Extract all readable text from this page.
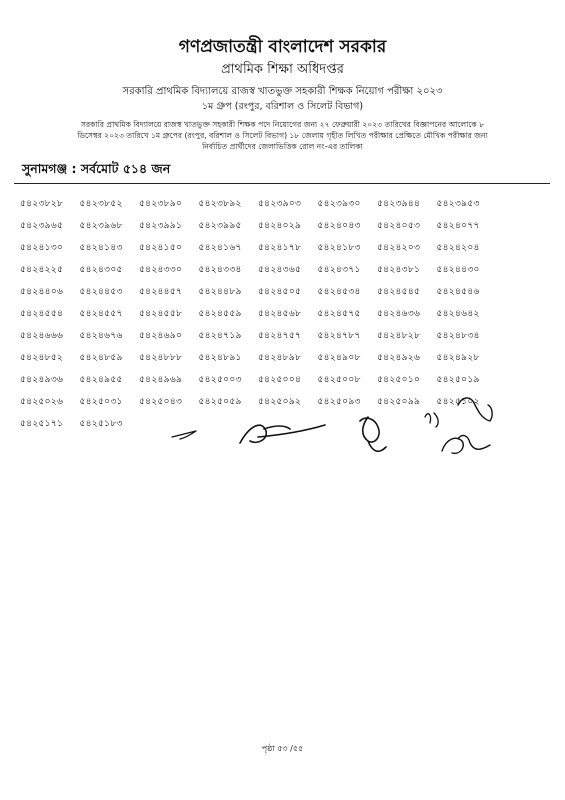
গণপ্রজাতন্ত্রী বাংলাদেশ সরকার
প্রাথমিক শিক্ষা অধিদপ্তর
সরকারি প্রাথমিক বিদ্যালয়ে রাজস্ব খাতভুক্ত সহকারী শিক্ষক নিয়োগ পরীক্ষা ২০২৩
১ম গ্রুপ (রংপুর, বরিশাল ও সিলেট বিভাগ)
সরকারি প্রাথমিক বিদ্যালয়ে রাজস্ব খাতভুক্ত সহকারী শিক্ষক পদে নিয়োগের জন্য ২৭ ফেব্রুয়ারী ২০২৩ তারিখের বিজ্ঞাপনের আলোকে ৮
ডিসেম্বর ২০২৩ তারিখে ১ম গ্রুপের (রংপুর, বরিশাল ও সিলেট বিভাগ) ১৮ জেলায় গৃহীত লিখিত পরীক্ষার প্রেক্ষিতে মৌখিক পরীক্ষার জন্য
নির্বাচিত প্রার্থীদের জেলাভিত্তিক রোল নং-এর তালিকা
সুনামগঞ্জ : সর্বমোট ৫১৪ জন
৫৪২৩৮২৮	৫৪২৩৮৫২	৫৪২৩৮৯০	৫৪২৩৮৯২	৫৪২৩৯০৩	৫৪২৩৯৩০	৫৪২৩৯৪৪	৫৪২৩৯৫৩
৫৪২৩৯৬৫	৫৪২৩৯৬৮	৫৪২৩৯৯১	৫৪২৩৯৯৫	৫৪২৪০২৯	৫৪২৪০৪৩	৫৪২৪০৫৩	৫৪২৪০৭৭
৫৪২৪১৩০	৫৪২৪১৪৩	৫৪২৪১৫০	৫৪২৪১৬৭	৫৪২৪১৭৮	৫৪২৪১৮৩	৫৪২৪২০৩	৫৪২৪২০৪
৫৪২৪২২৫	৫৪২৪৩০৫	৫৪২৪৩৩০	৫৪২৪৩৩৪	৫৪২৪৩৬৫	৫৪২৪৩৭১	৫৪২৪৩৮১	৫৪২৪৪৩০
৫৪২৪৪০৬	৫৪২৪৪৫৩	৫৪২৪৪৫৭	৫৪২৪৪৮৯	৫৪২৪৫০৫	৫৪২৪৫৩৪	৫৪২৪৫৪৫	৫৪২৪৫৪৬
৫৪২৪৫৫৪	৫৪২৪৫৫৭	৫৪২৪৫৫৮	৫৪২৪৫৫৯	৫৪২৪৫৬৮	৫৪২৪৫৭৫	৫৪২৪৬৩৬	৫৪২৪৬৪২
৫৪২৪৬৬৬	৫৪২৪৬৭৬	৫৪২৪৬৯০	৫৪২৪৭১৯	৫৪২৪৭৫৭	৫৪২৪৭৮৭	৫৪২৪৮২৮	৫৪২৪৮৩৪
৫৪২৪৮৫২	৫৪২৪৮৫৯	৫৪২৪৮৮৮	৫৪২৪৮৯১	৫৪২৪৮৯৮	৫৪২৪৯০৮	৫৪২৪৯২৬	৫৪২৪৯২৮
৫৪২৪৯৩৬	৫৪২৪৯৫৫	৫৪২৪৯৬৯	৫৪২৫০০৩	৫৪২৫০০৪	৫৪২৫০০৮	৫৪২৫০১০	৫৪২৫০১৯
৫৪২৫০২৬	৫৪২৫০৩১	৫৪২৫০৪৩	৫৪২৫০৫৯	৫৪২৫০৯২	৫৪২৫০৯৩	৫৪২৫০৯৯	৫৪২৫১০২
৫৪২৫১৭১	৫৪২৫১৮৩
পৃষ্ঠা ৫৩ /৫৫
